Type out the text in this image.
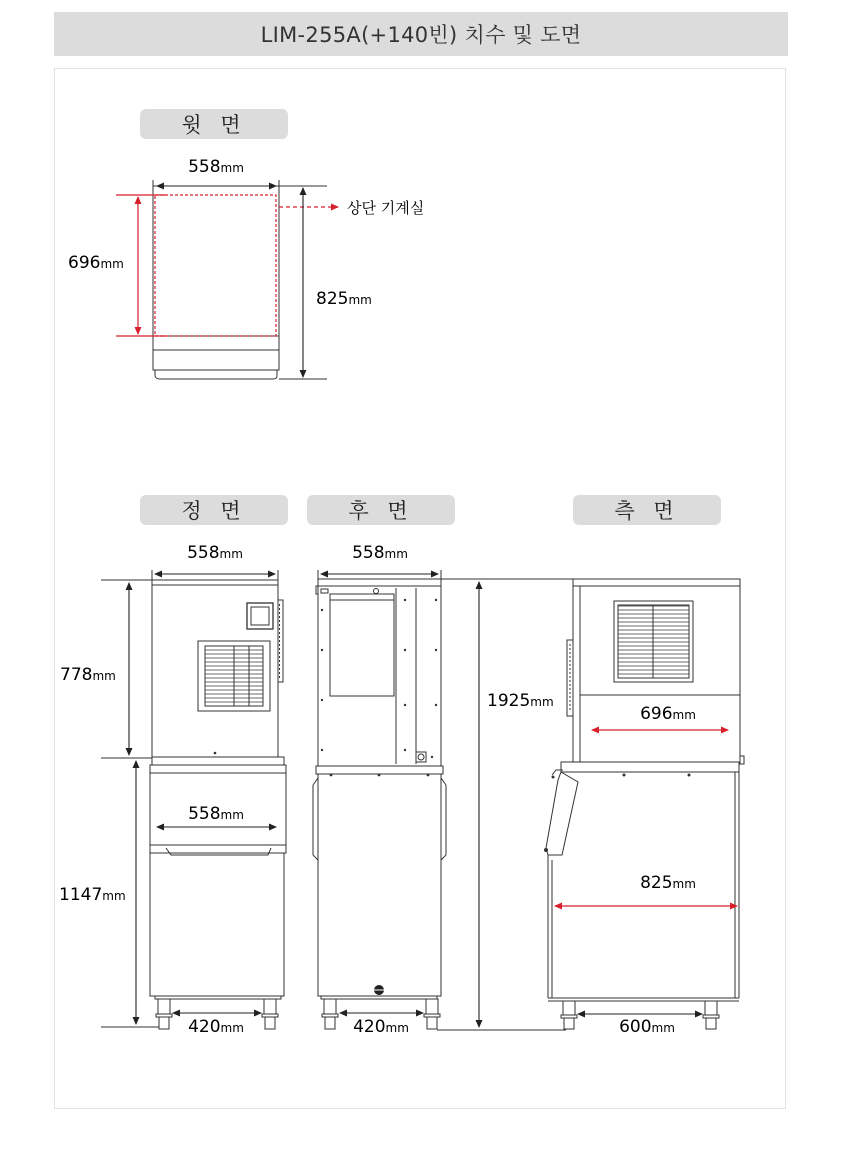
LIM-255A(+140빈) 치수 및 도면
윗 면
정 면	후 면	측 면
558mm
696mm
825mm
상단 기계실
558mm
778mm
558mm
1147mm
420mm
558mm
1925mm
420mm
696mm
825mm
600mm
